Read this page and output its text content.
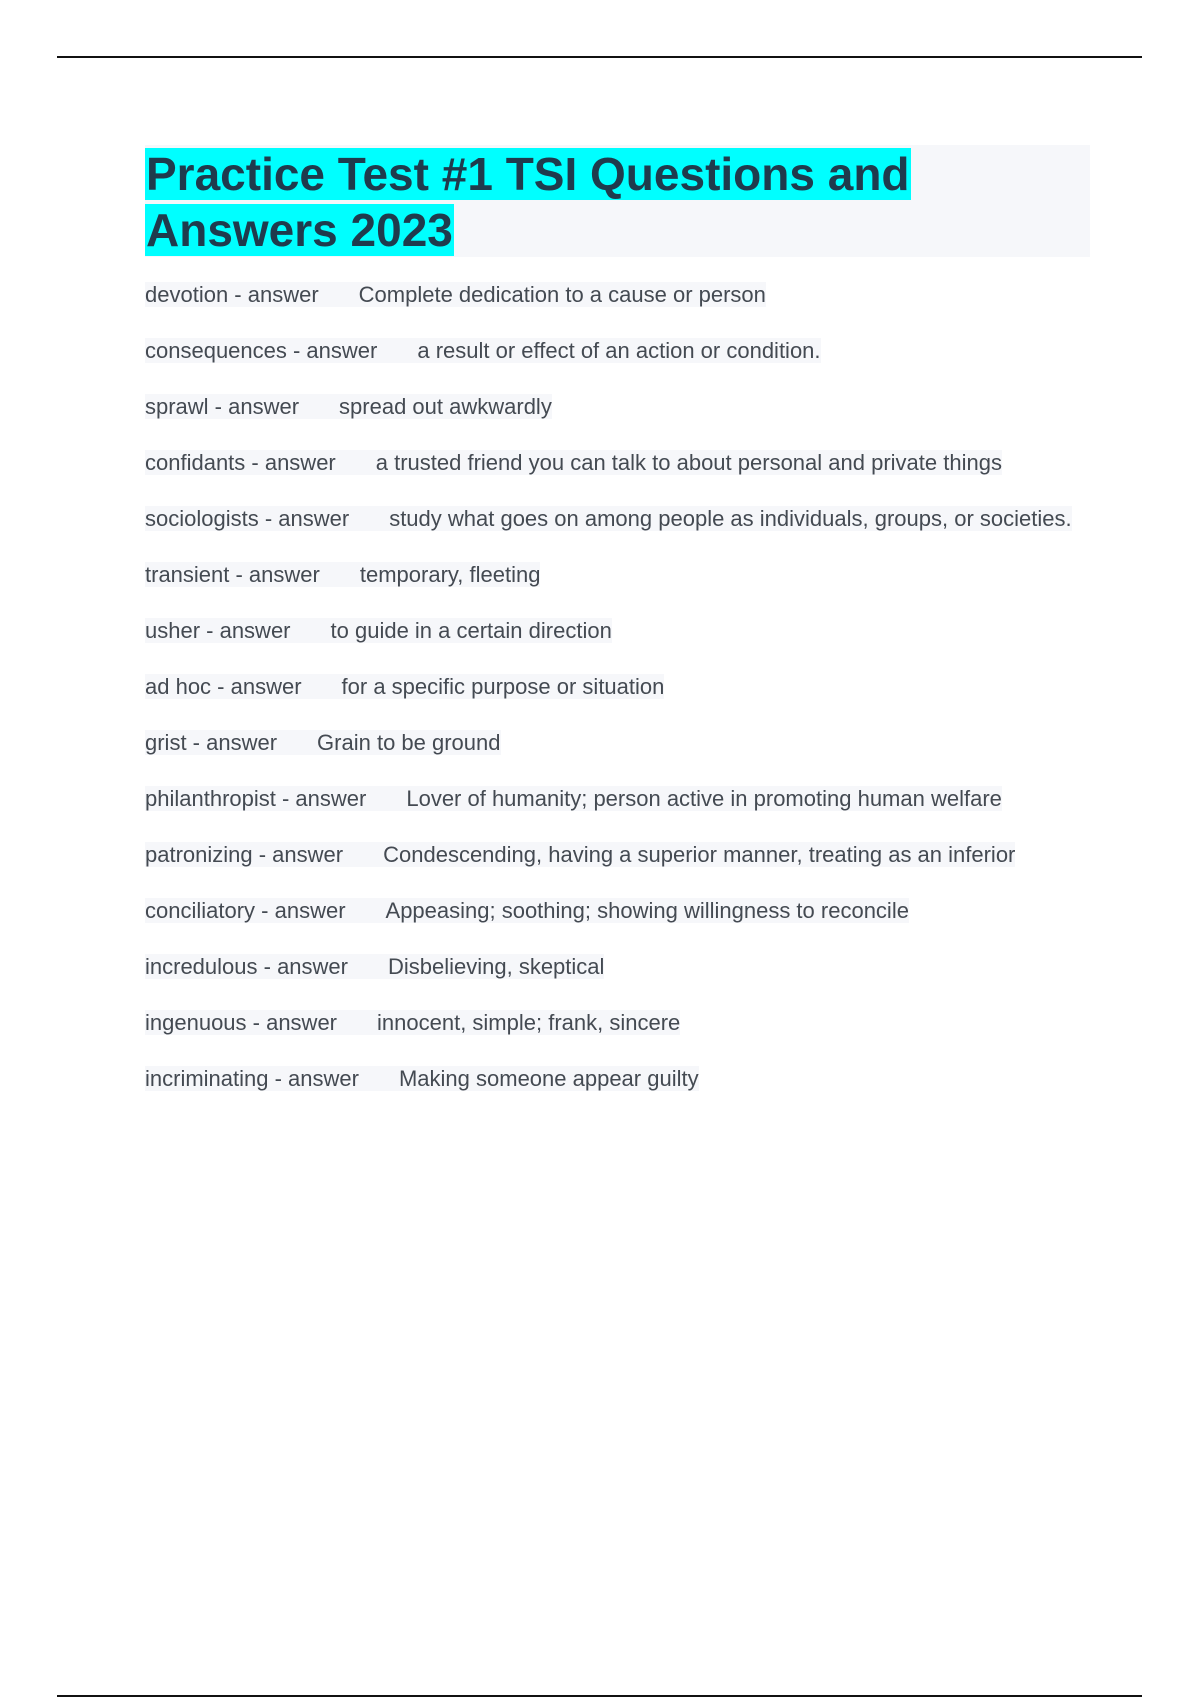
Practice Test #1 TSI Questions and Answers 2023
devotion - answer Complete dedication to a cause or person
consequences - answer a result or effect of an action or condition.
sprawl - answer spread out awkwardly
confidants - answer a trusted friend you can talk to about personal and private things
sociologists - answer study what goes on among people as individuals, groups, or societies.
transient - answer temporary, fleeting
usher - answer to guide in a certain direction
ad hoc - answer for a specific purpose or situation
grist - answer Grain to be ground
philanthropist - answer Lover of humanity; person active in promoting human welfare
patronizing - answer Condescending, having a superior manner, treating as an inferior
conciliatory - answer Appeasing; soothing; showing willingness to reconcile
incredulous - answer Disbelieving, skeptical
ingenuous - answer innocent, simple; frank, sincere
incriminating - answer Making someone appear guilty
